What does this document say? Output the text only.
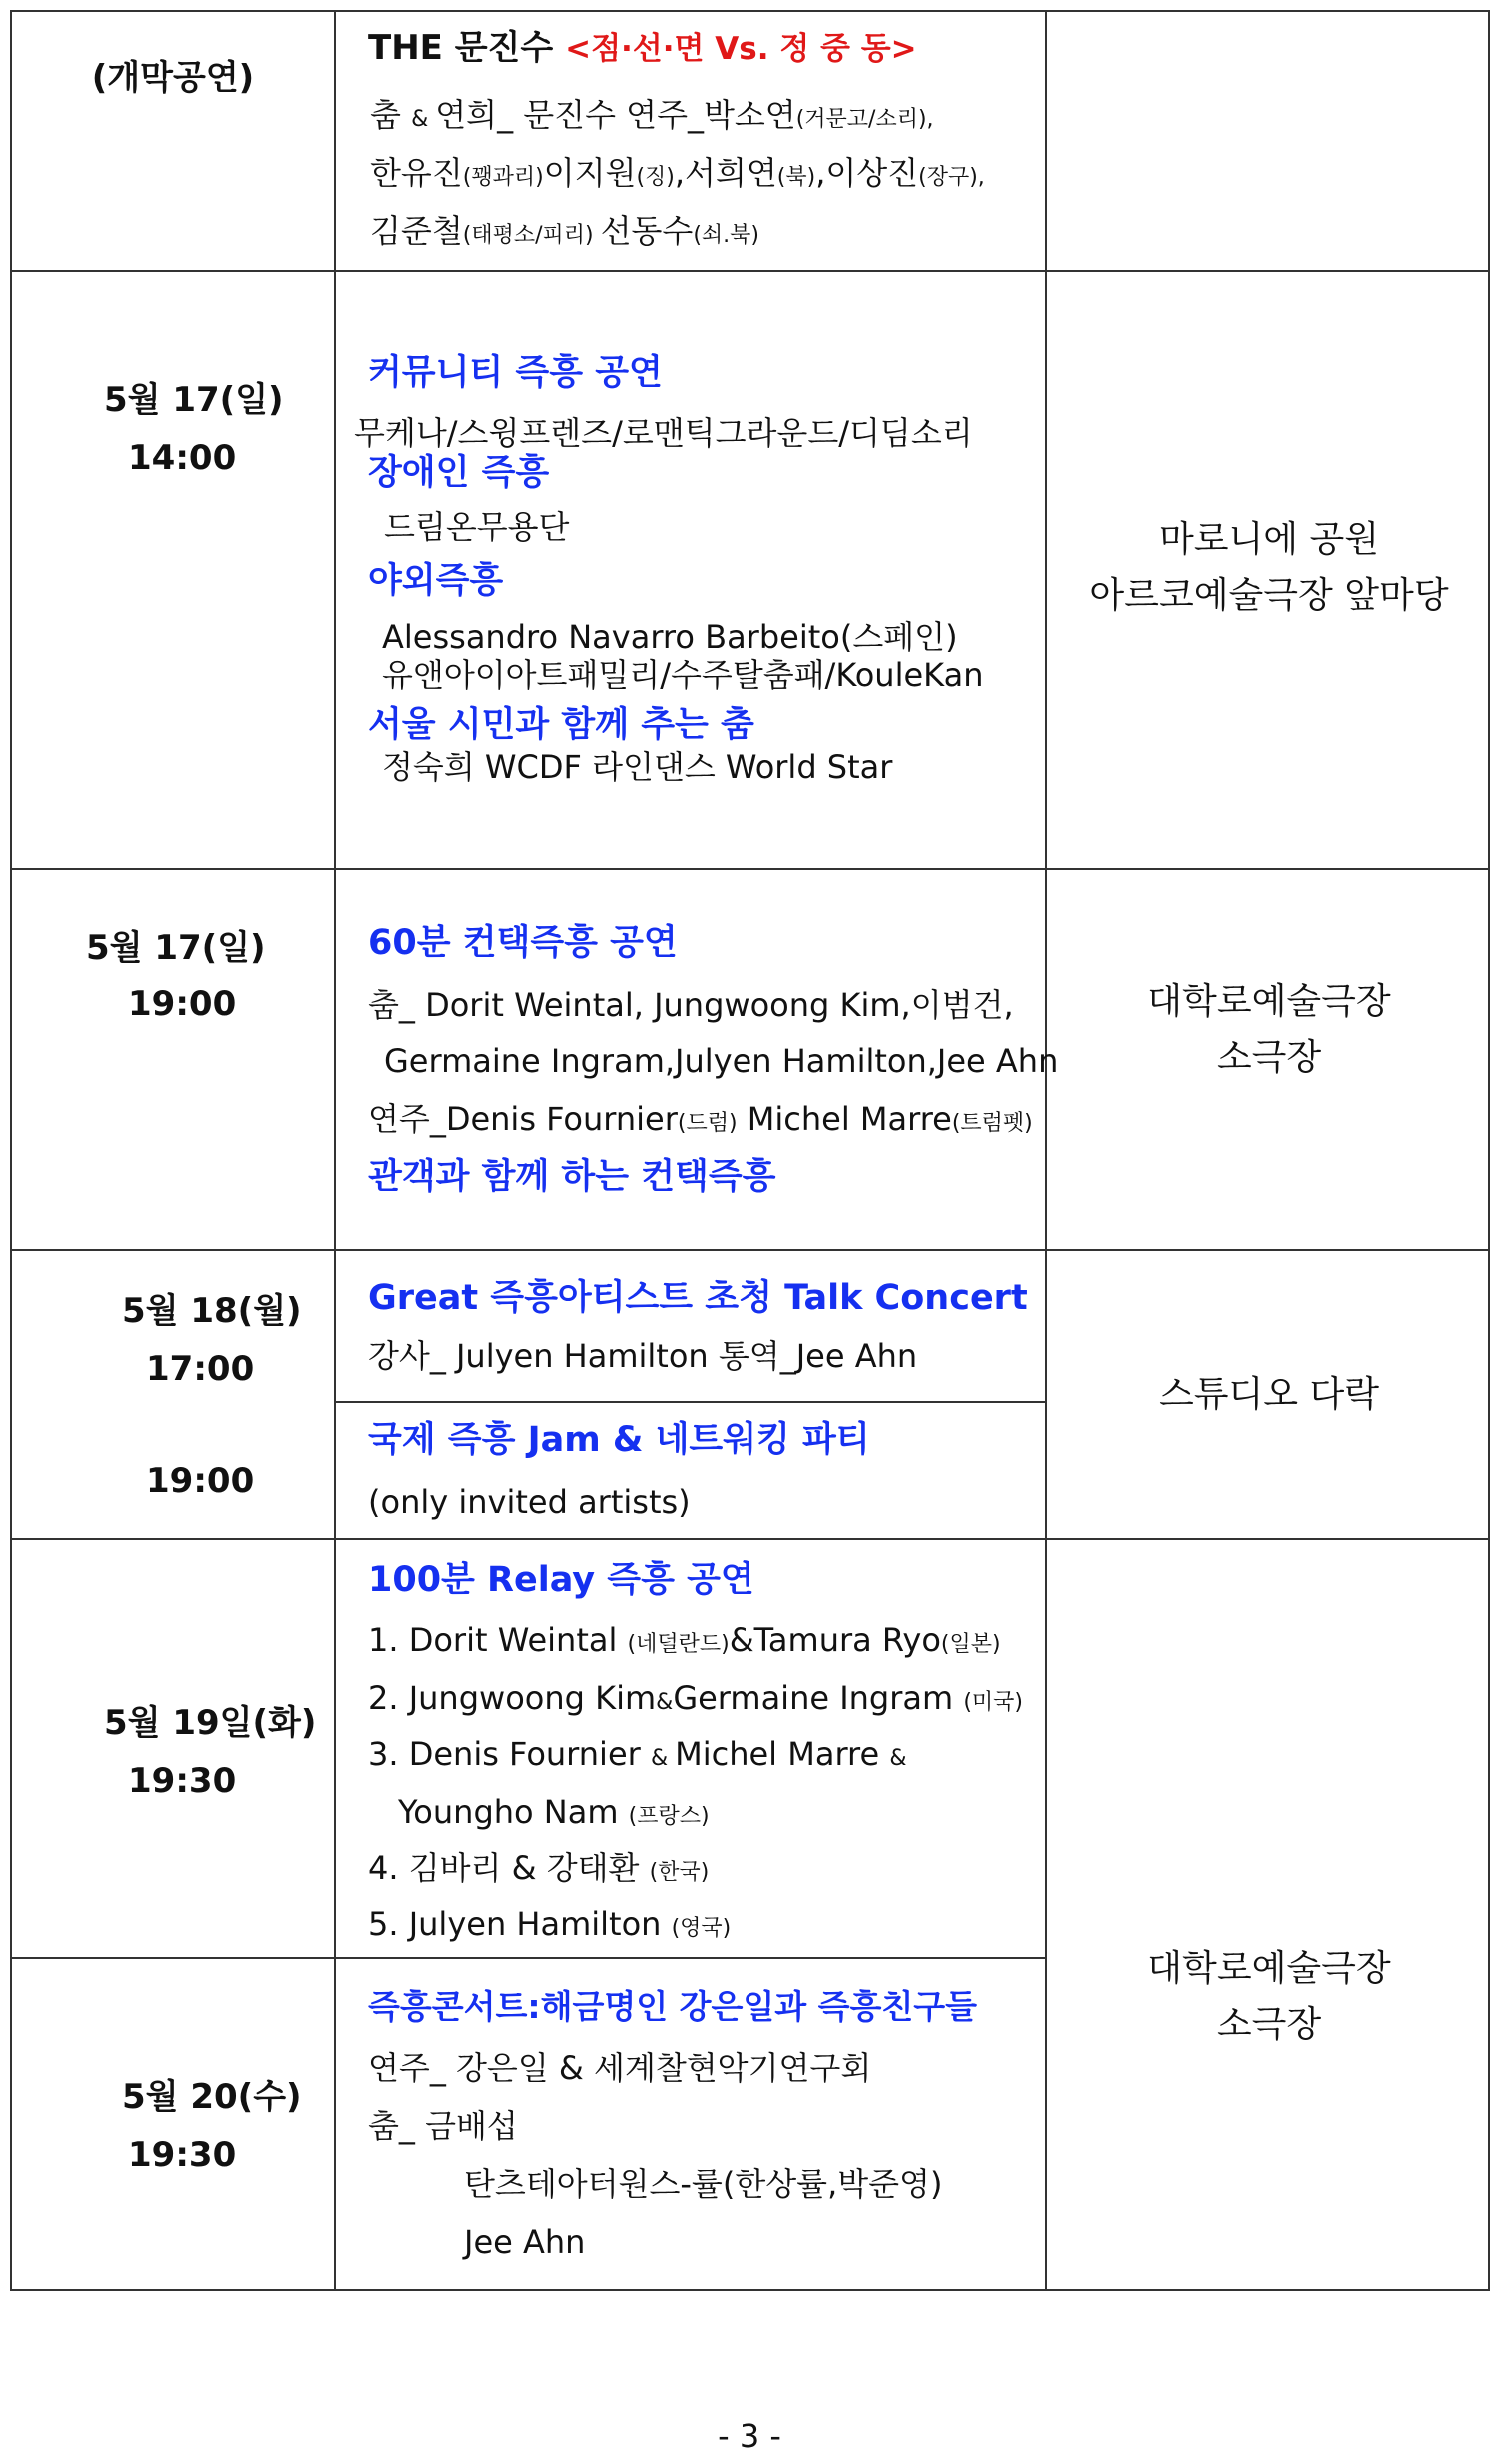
(개막공연)
THE 문진수 <점·선·면 Vs. 정 중 동>
춤 & 연희_ 문진수 연주_박소연(거문고/소리),
한유진(꽹과리)이지원(징),서희연(북),이상진(장구),
김준철(태평소/피리) 선동수(쇠.북)
5월 17(일)
14:00
커뮤니티 즉흥 공연
무케나/스윙프렌즈/로맨틱그라운드/디딤소리
장애인 즉흥
드림온무용단
야외즉흥
Alessandro Navarro Barbeito(스페인)
유앤아이아트패밀리/수주탈춤패/KouleKan
서울 시민과 함께 추는 춤
정숙희 WCDF 라인댄스 World Star
마로니에 공원
아르코예술극장 앞마당
5월 17(일)
19:00
60분 컨택즉흥 공연
춤_ Dorit Weintal, Jungwoong Kim,이범건,
Germaine Ingram,Julyen Hamilton,Jee Ahn
연주_Denis Fournier(드럼) Michel Marre(트럼펫)
관객과 함께 하는 컨택즉흥
대학로예술극장
소극장
5월 18(월)
17:00
19:00
Great 즉흥아티스트 초청 Talk Concert
강사_ Julyen Hamilton 통역_Jee Ahn
국제 즉흥 Jam & 네트워킹 파티
(only invited artists)
스튜디오 다락
5월 19일(화)
19:30
100분 Relay 즉흥 공연
1. Dorit Weintal (네덜란드)&Tamura Ryo(일본)
2. Jungwoong Kim&Germaine Ingram (미국)
3. Denis Fournier & Michel Marre &
Youngho Nam (프랑스)
4. 김바리 & 강태환 (한국)
5. Julyen Hamilton (영국)
5월 20(수)
19:30
즉흥콘서트:해금명인 강은일과 즉흥친구들
연주_ 강은일 & 세계찰현악기연구회
춤_ 금배섭
탄츠테아터원스-률(한상률,박준영)
Jee Ahn
대학로예술극장
소극장
- 3 -
